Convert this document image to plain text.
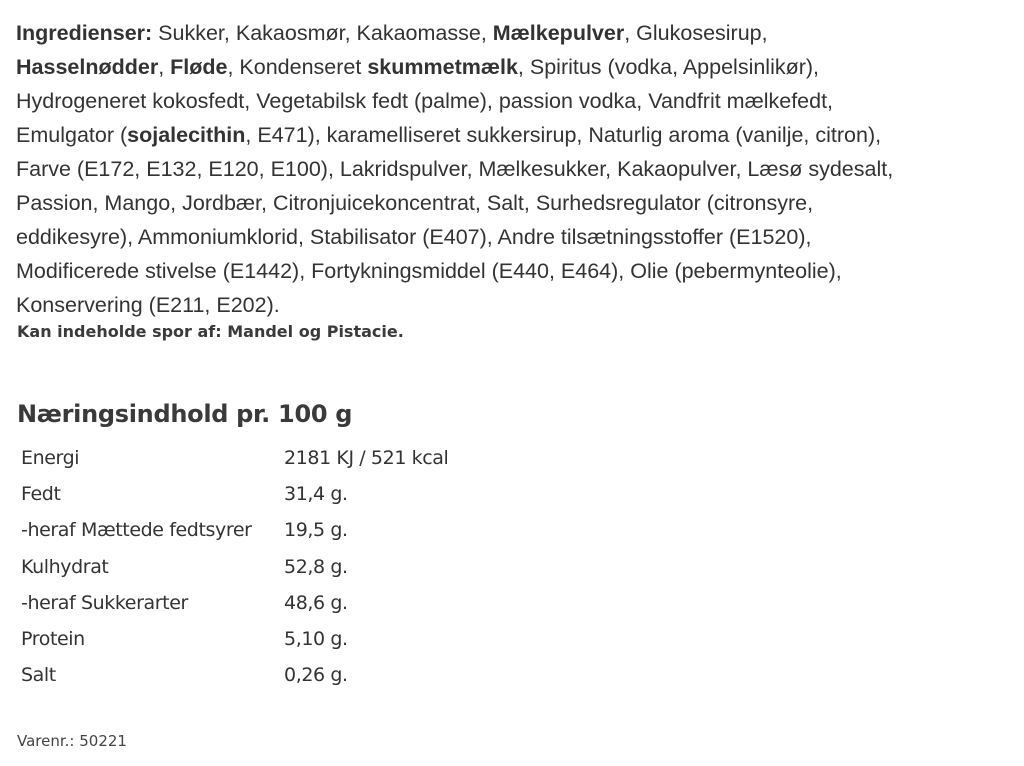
Ingredienser: Sukker, Kakaosmør, Kakaomasse, Mælkepulver, Glukosesirup,
Hasselnødder, Fløde, Kondenseret skummetmælk, Spiritus (vodka, Appelsinlikør),
Hydrogeneret kokosfedt, Vegetabilsk fedt (palme), passion vodka, Vandfrit mælkefedt,
Emulgator (sojalecithin, E471), karamelliseret sukkersirup, Naturlig aroma (vanilje, citron),
Farve (E172, E132, E120, E100), Lakridspulver, Mælkesukker, Kakaopulver, Læsø sydesalt,
Passion, Mango, Jordbær, Citronjuicekoncentrat, Salt, Surhedsregulator (citronsyre,
eddikesyre), Ammoniumklorid, Stabilisator (E407), Andre tilsætningsstoffer (E1520),
Modificerede stivelse (E1442), Fortykningsmiddel (E440, E464), Olie (pebermynteolie),
Konservering (E211, E202).
Kan indeholde spor af: Mandel og Pistacie.
Næringsindhold pr. 100 g
Energi	2181 KJ / 521 kcal
Fedt	31,4 g.
-heraf Mættede fedtsyrer	19,5 g.
Kulhydrat	52,8 g.
-heraf Sukkerarter	48,6 g.
Protein	5,10 g.
Salt	0,26 g.
Varenr.: 50221
